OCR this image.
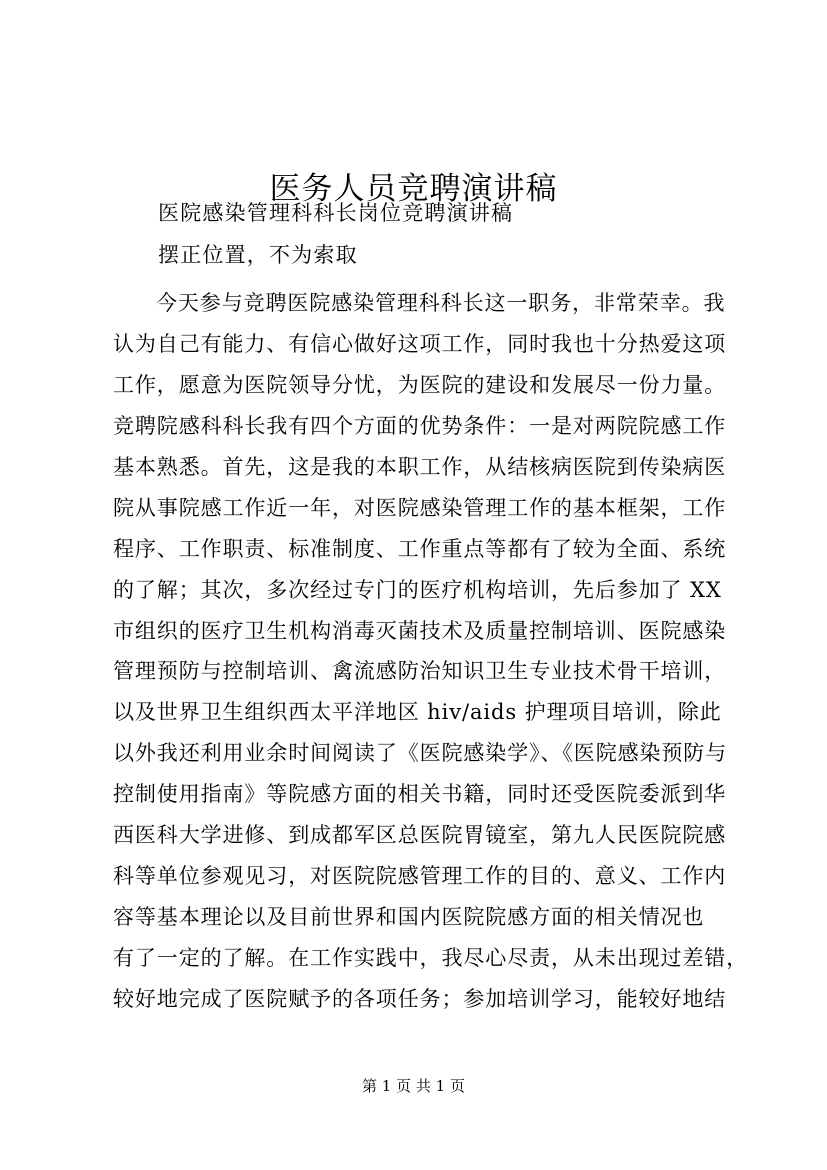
医务人员竞聘演讲稿
医院感染管理科科长岗位竞聘演讲稿
摆正位置，不为索取
今天参与竞聘医院感染管理科科长这一职务，非常荣幸。我
认为自己有能力、有信心做好这项工作，同时我也十分热爱这项
工作，愿意为医院领导分忧，为医院的建设和发展尽一份力量。
竞聘院感科科长我有四个方面的优势条件：一是对两院院感工作
基本熟悉。首先，这是我的本职工作，从结核病医院到传染病医
院从事院感工作近一年，对医院感染管理工作的基本框架，工作
程序、工作职责、标准制度、工作重点等都有了较为全面、系统
的了解；其次，多次经过专门的医疗机构培训，先后参加了 XX
市组织的医疗卫生机构消毒灭菌技术及质量控制培训、医院感染
管理预防与控制培训、禽流感防治知识卫生专业技术骨干培训，
以及世界卫生组织西太平洋地区 hiv/aids 护理项目培训，除此
以外我还利用业余时间阅读了《医院感染学》、《医院感染预防与
控制使用指南》等院感方面的相关书籍，同时还受医院委派到华
西医科大学进修、到成都军区总医院胃镜室，第九人民医院院感
科等单位参观见习，对医院院感管理工作的目的、意义、工作内
容等基本理论以及目前世界和国内医院院感方面的相关情况也
有了一定的了解。在工作实践中，我尽心尽责，从未出现过差错，
较好地完成了医院赋予的各项任务；参加培训学习，能较好地结
第 1 页 共 1 页
